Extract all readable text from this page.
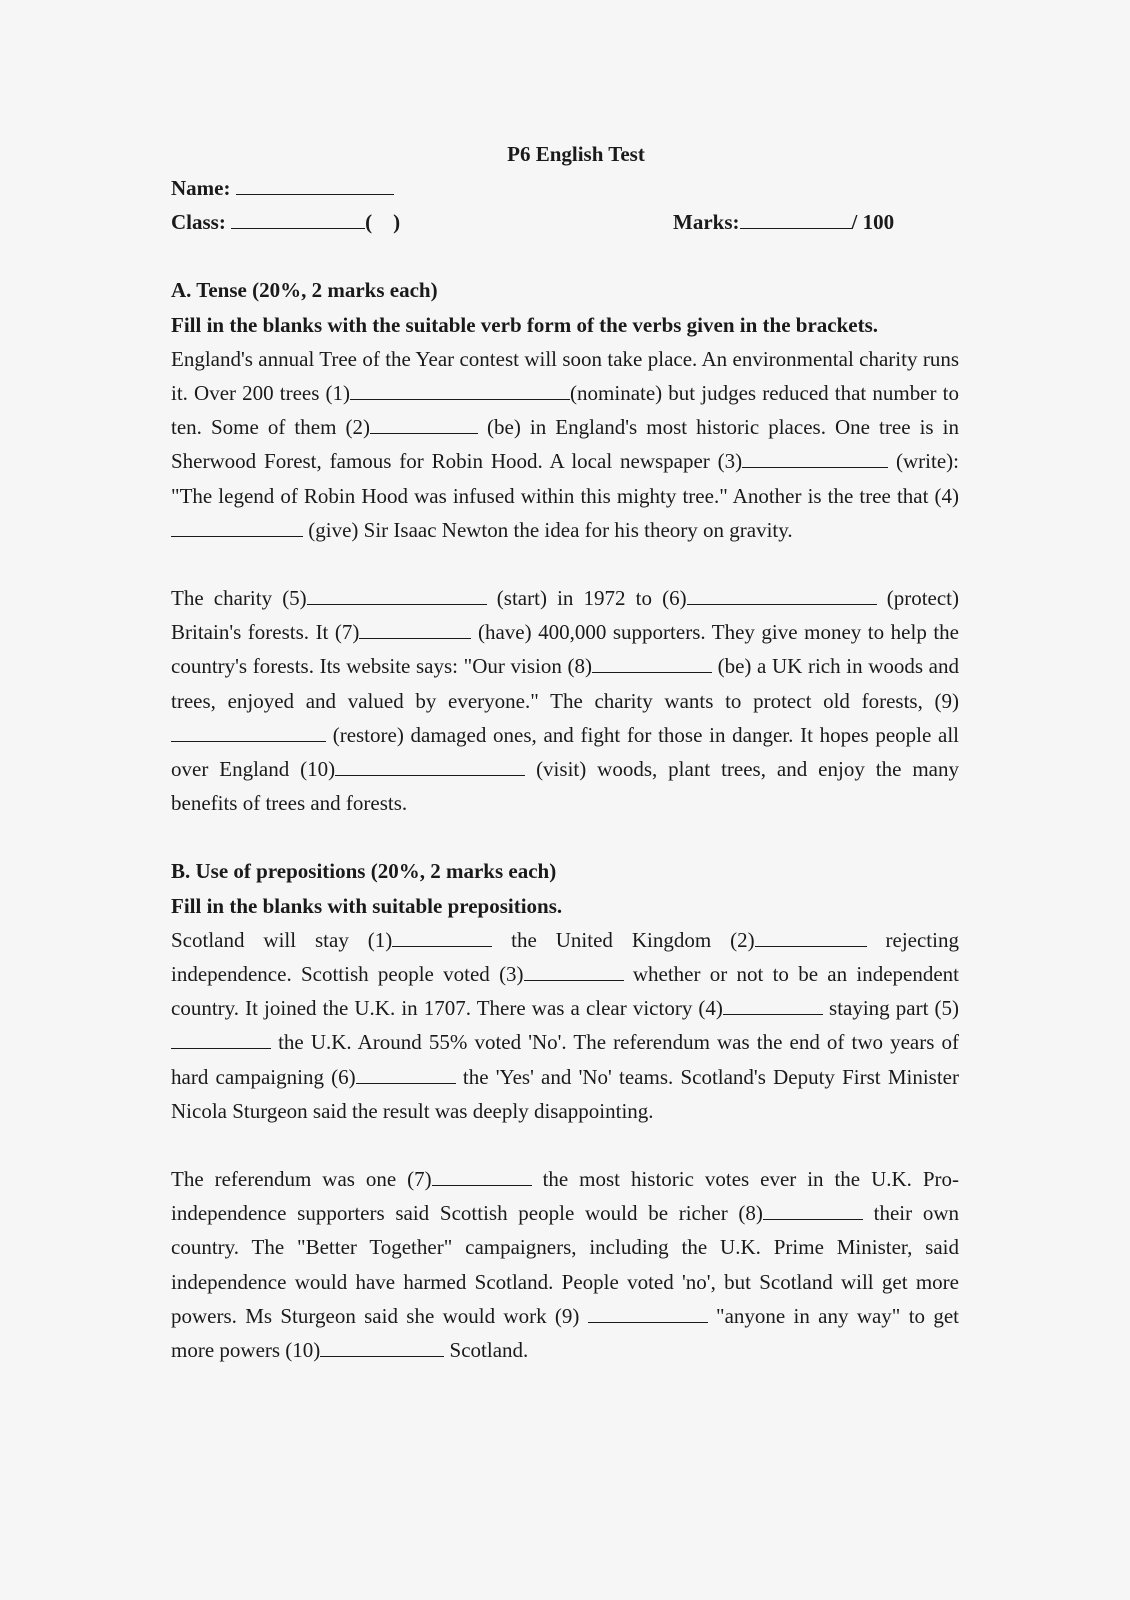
P6 English Test

Name:

Class:	(    )	Marks:	/ 100

A. Tense (20%, 2 marks each)

Fill in the blanks with the suitable verb form of the verbs given in the brackets.

England's annual Tree of the Year contest will soon take place. An environmental charity runs it. Over 200 trees (1)	(nominate) but judges reduced that number to ten. Some of them (2)	(be) in England's most historic places. One tree is in Sherwood Forest, famous for Robin Hood. A local newspaper (3)	(write): "The legend of Robin Hood was infused within this mighty tree." Another is the tree that (4) (give) Sir Isaac Newton the idea for his theory on gravity.

The charity (5)	(start) in 1972 to (6)	(protect) Britain's forests. It (7)	(have) 400,000 supporters. They give money to help the country's forests. Its website says: "Our vision (8)	(be) a UK rich in woods and trees, enjoyed and valued by everyone." The charity wants to protect old forests, (9) (restore) damaged ones, and fight for those in danger. It hopes people all over England (10)	(visit) woods, plant trees, and enjoy the many benefits of trees and forests.

B. Use of prepositions (20%, 2 marks each)

Fill in the blanks with suitable prepositions.

Scotland will stay (1)	the United Kingdom (2)	rejecting independence. Scottish people voted (3)	whether or not to be an independent country. It joined the U.K. in 1707. There was a clear victory (4)	staying part (5) the U.K. Around 55% voted 'No'. The referendum was the end of two years of hard campaigning (6)	the 'Yes' and 'No' teams. Scotland's Deputy First Minister Nicola Sturgeon said the result was deeply disappointing.

The referendum was one (7)	the most historic votes ever in the U.K. Pro-independence supporters said Scottish people would be richer (8)	their own country. The "Better Together" campaigners, including the U.K. Prime Minister, said independence would have harmed Scotland. People voted 'no', but Scotland will get more powers. Ms Sturgeon said she would work (9)	"anyone in any way" to get more powers (10)	Scotland.
